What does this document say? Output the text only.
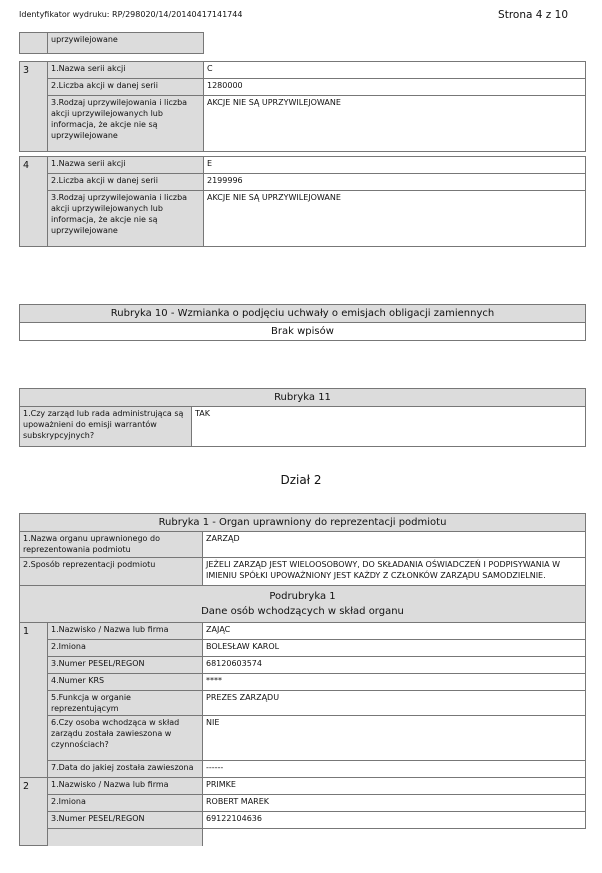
Identyfikator wydruku: RP/298020/14/20140417141744	Strona 4 z 10
	uprzywilejowane	

3	1.Nazwa serii akcji	C
	2.Liczba akcji w danej serii	1280000
	3.Rodzaj uprzywilejowania i liczba akcji uprzywilejowanych lub informacja, że akcje nie są uprzywilejowane	AKCJE NIE SĄ UPRZYWILEJOWANE

4	1.Nazwa serii akcji	E
	2.Liczba akcji w danej serii	2199996
	3.Rodzaj uprzywilejowania i liczba akcji uprzywilejowanych lub informacja, że akcje nie są uprzywilejowane	AKCJE NIE SĄ UPRZYWILEJOWANE
Rubryka 10 - Wzmianka o podjęciu uchwały o emisjach obligacji zamiennych
Brak wpisów
Rubryka 11
1.Czy zarząd lub rada administrująca są upoważnieni do emisji warrantów subskrypcyjnych?	TAK
Dział 2
Rubryka 1 - Organ uprawniony do reprezentacji podmiotu		
1.Nazwa organu uprawnionego do reprezentowania podmiotu		ZARZĄD
2.Sposób reprezentacji podmiotu		JEŻELI ZARZĄD JEST WIELOOSOBOWY, DO SKŁADANIA OŚWIADCZEŃ I PODPISYWANIA W IMIENIU SPÓŁKI UPOWAŻNIONY JEST KAŻDY Z CZŁONKÓW ZARZĄDU SAMODZIELNIE.

Podrubryka 1
Dane osób wchodzących w skład organu		

1	1.Nazwisko / Nazwa lub firma	ZAJĄC
	2.Imiona	BOLESŁAW KAROL
	3.Numer PESEL/REGON	68120603574
	4.Numer KRS	****
	5.Funkcja w organie reprezentującym	PREZES ZARZĄDU
	6.Czy osoba wchodząca w skład zarządu została zawieszona w czynnościach?	NIE
	7.Data do jakiej została zawieszona	------
2	1.Nazwisko / Nazwa lub firma	PRIMKE
	2.Imiona	ROBERT MAREK
	3.Numer PESEL/REGON	69122104636
